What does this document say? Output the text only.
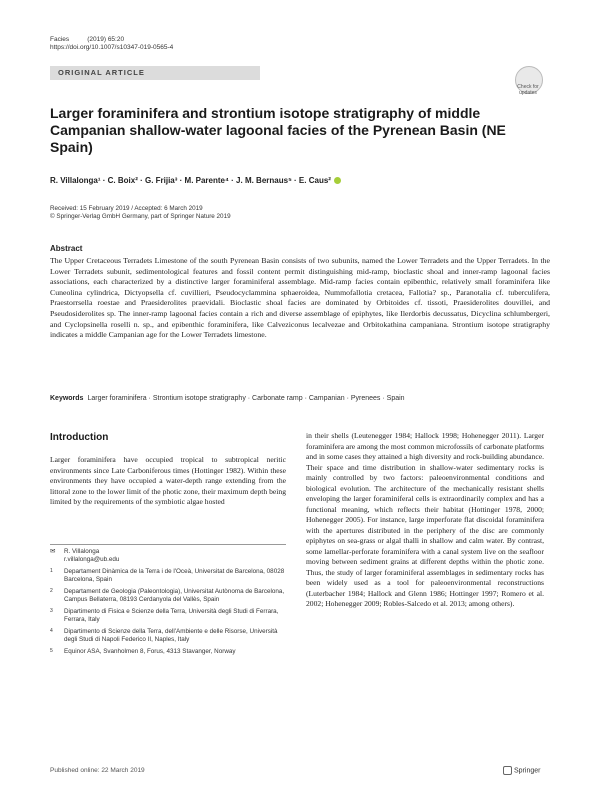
Facies	(2019) 65:20
https://doi.org/10.1007/s10347-019-0565-4
ORIGINAL ARTICLE
Check for
updates
Larger foraminifera and strontium isotope stratigraphy of middle Campanian shallow-water lagoonal facies of the Pyrenean Basin (NE Spain)
R. Villalonga¹ · C. Boix² · G. Frijia³ · M. Parente⁴ · J. M. Bernaus⁵ · E. Caus²
Received: 15 February 2019 / Accepted: 6 March 2019
© Springer-Verlag GmbH Germany, part of Springer Nature 2019
Abstract
The Upper Cretaceous Terradets Limestone of the south Pyrenean Basin consists of two subunits, named the Lower Terradets and the Upper Terradets. In the Lower Terradets subunit, sedimentological features and fossil content permit distinguishing mid-ramp, bioclastic shoal and inner-ramp lagoonal facies associations, each characterized by a distinctive larger foraminiferal assemblage. Mid-ramp facies contain epibenthic, relatively small foraminifera like Cuneolina cylindrica, Dictyopsella cf. cuvillieri, Pseudocyclammina sphaeroidea, Nummofallotia cretacea, Fallotia? sp., Paranotalia cf. tuberculifera, Praestorrsella roestae and Praesiderolites praevidali. Bioclastic shoal facies are dominated by Orbitoides cf. tissoti, Praesiderolites douvillei, and Pseudosiderolites sp. The inner-ramp lagoonal facies contain a rich and diverse assemblage of epiphytes, like Ilerdorbis decussatus, Dicyclina schlumbergeri, and Cyclopsinella roselli n. sp., and epibenthic foraminifera, like Calveziconus lecalvezae and Orbitokathina campaniana. Strontium isotope stratigraphy indicates a middle Campanian age for the Lower Terradets limestone.
Keywords Larger foraminifera · Strontium isotope stratigraphy · Carbonate ramp · Campanian · Pyrenees · Spain
Introduction
Larger foraminifera have occupied tropical to subtropical neritic environments since Late Carboniferous times (Hottinger 1982). Within these environments they have occupied a water-depth range extending from the littoral zone to the lower limit of the photic zone, their maximum depth being limited by the requirements of the symbiotic algae hosted
in their shells (Leutenegger 1984; Hallock 1998; Hohenegger 2011). Larger foraminifera are among the most common microfossils of carbonate platforms and in some cases they attained a high diversity and rock-building abundance. Their space and time distribution in shallow-water sedimentary rocks is mainly controlled by two factors: paleoenvironmental conditions and biological evolution. The architecture of the mechanically resistant shells enveloping the larger foraminiferal cells is extraordinarily complex and has a functional meaning, which reflects their habitat (Hottinger 1978, 2000; Hohenegger 2005). For instance, large imperforate flat discoidal foraminifera with the apertures distributed in the periphery of the disc are commonly epiphytes on sea-grass or algal thalli in shallow and calm water. By contrast, some lamellar-perforate foraminifera with a canal system live on the seafloor moving between sediment grains at different depths within the photic zone. Thus, the study of larger foraminiferal assemblages in sedimentary rocks has been widely used as a tool for paleoenvironmental reconstructions (Luterbacher 1984; Hallock and Glenn 1986; Hottinger 1997; Romero et al. 2002; Hohenegger 2009; Robles-Salcedo et al. 2013; among others).
✉ R. Villalonga
r.villalonga@ub.edu
1 Departament Dinàmica de la Terra i de l'Oceà, Universitat de Barcelona, 08028 Barcelona, Spain
2 Departament de Geologia (Paleontologia), Universitat Autònoma de Barcelona, Campus Bellaterra, 08193 Cerdanyola del Vallès, Spain
3 Dipartimento di Fisica e Scienze della Terra, Università degli Studi di Ferrara, Ferrara, Italy
4 Dipartimento di Scienze della Terra, dell'Ambiente e delle Risorse, Università degli Studi di Napoli Federico II, Naples, Italy
5 Equinor ASA, Svanholmen 8, Forus, 4313 Stavanger, Norway
Published online: 22 March 2019	Springer
